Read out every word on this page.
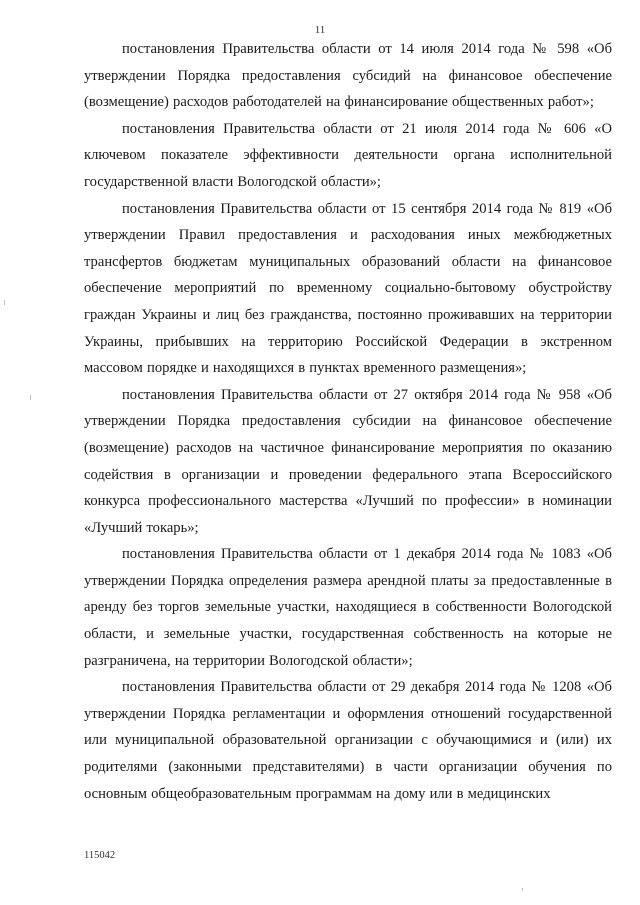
11

постановления Правительства области от 14 июля 2014 года № 598 «Об утверждении Порядка предоставления субсидий на финансовое обеспечение (возмещение) расходов работодателей на финансирование общественных работ»;

постановления Правительства области от 21 июля 2014 года № 606 «О ключевом показателе эффективности деятельности органа исполнительной государственной власти Вологодской области»;

постановления Правительства области от 15 сентября 2014 года № 819 «Об утверждении Правил предоставления и расходования иных межбюджетных трансфертов бюджетам муниципальных образований области на финансовое обеспечение мероприятий по временному социально-бытовому обустройству граждан Украины и лиц без гражданства, постоянно проживавших на территории Украины, прибывших на территорию Российской Федерации в экстренном массовом порядке и находящихся в пунктах временного размещения»;

постановления Правительства области от 27 октября 2014 года № 958 «Об утверждении Порядка предоставления субсидии на финансовое обеспечение (возмещение) расходов на частичное финансирование мероприятия по оказанию содействия в организации и проведении федерального этапа Всероссийского конкурса профессионального мастерства «Лучший по профессии» в номинации «Лучший токарь»;

постановления Правительства области от 1 декабря 2014 года № 1083 «Об утверждении Порядка определения размера арендной платы за предоставленные в аренду без торгов земельные участки, находящиеся в собственности Вологодской области, и земельные участки, государственная собственность на которые не разграничена, на территории Вологодской области»;

постановления Правительства области от 29 декабря 2014 года № 1208 «Об утверждении Порядка регламентации и оформления отношений государственной или муниципальной образовательной организации с обучающимися и (или) их родителями (законными представителями) в части организации обучения по основным общеобразовательным программам на дому или в медицинских

115042
